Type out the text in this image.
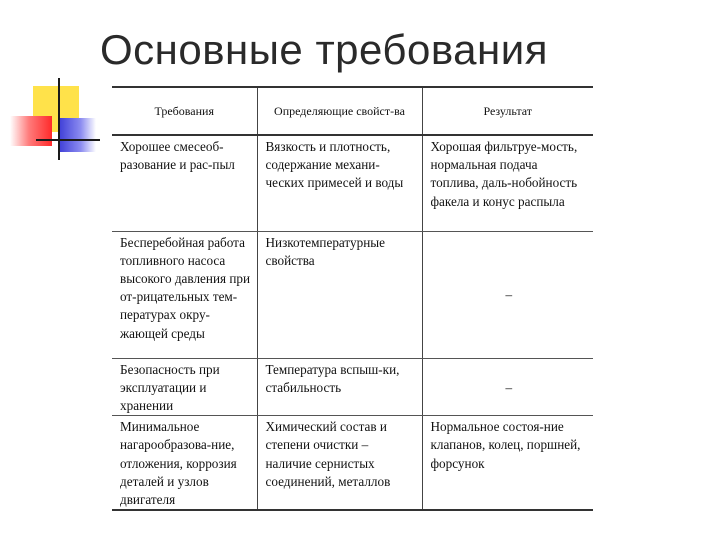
Основные требования
Требования	Определяющие свойст-ва	Результат
Хорошее смесеоб-разование и рас-пыл	Вязкость и плотность, содержание механи-ческих примесей и воды	Хорошая фильтруе-мость, нормальная подача топлива, даль-нобойность факела и конус распыла
Бесперебойная работа топливного насоса высокого давления при от-рицательных тем-пературах окру-жающей среды	Низкотемпературные свойства	–
Безопасность при эксплуатации и хранении	Температура вспыш-ки, стабильность	–
Минимальное нагарообразова-ние, отложения, коррозия деталей и узлов двигателя	Химический состав и степени очистки – наличие сернистых соединений, металлов	Нормальное состоя-ние клапанов, колец, поршней, форсунок
